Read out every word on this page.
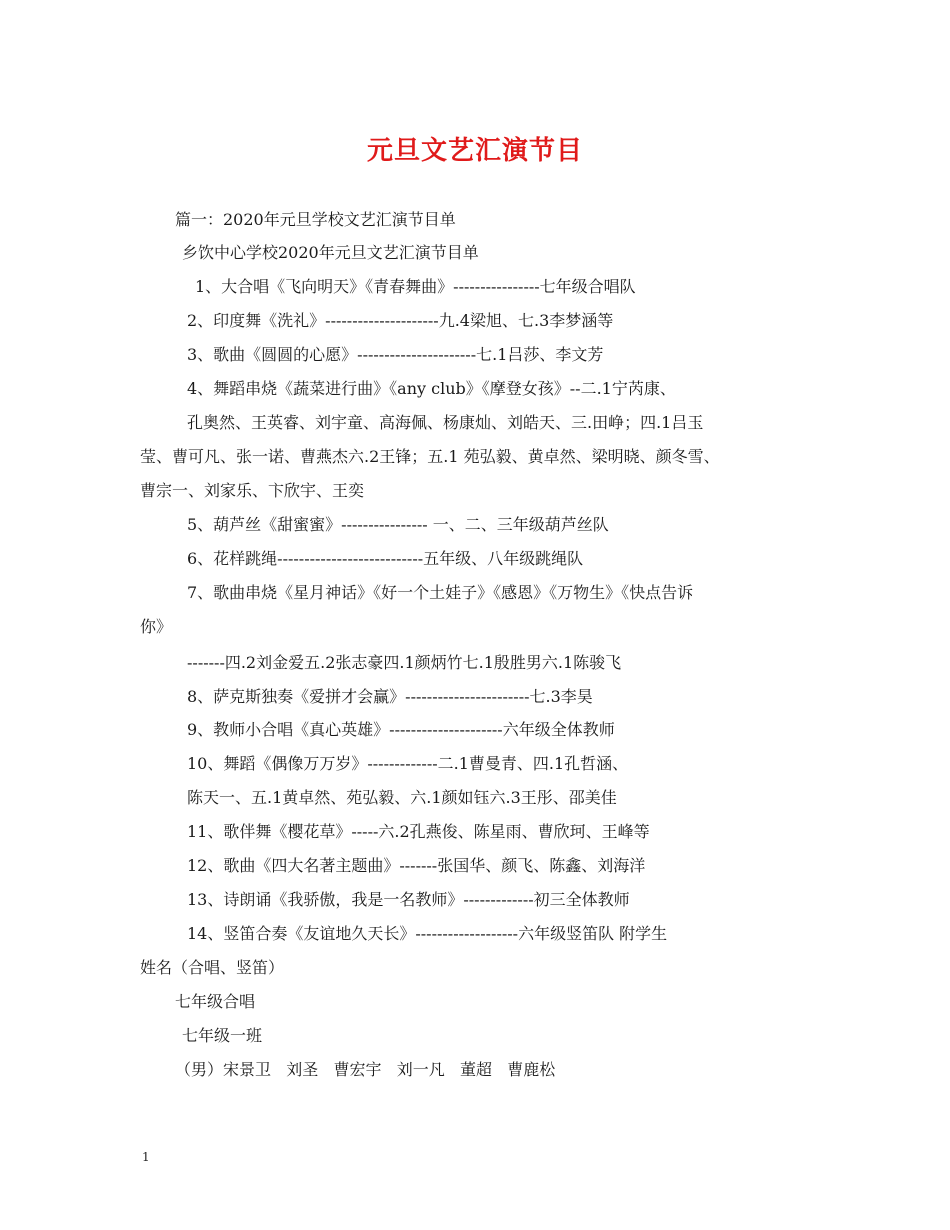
元旦文艺汇演节目
篇一：2020年元旦学校文艺汇演节目单
乡饮中心学校2020年元旦文艺汇演节目单
1、大合唱《飞向明天》《青春舞曲》----------------七年级合唱队
2、印度舞《洗礼》---------------------九.4梁旭、七.3李梦涵等
3、歌曲《圆圆的心愿》----------------------七.1吕莎、李文芳
4、舞蹈串烧《蔬菜进行曲》《any club》《摩登女孩》--二.1宁芮康、
孔奥然、王英睿、刘宇童、高海佩、杨康灿、刘皓天、三.田峥；四.1吕玉
莹、曹可凡、张一诺、曹燕杰六.2王锋；五.1 苑弘毅、黄卓然、梁明晓、颜冬雪、
曹宗一、刘家乐、卞欣宇、王奕
5、葫芦丝《甜蜜蜜》---------------- 一、二、三年级葫芦丝队
6、花样跳绳---------------------------五年级、八年级跳绳队
7、歌曲串烧《星月神话》《好一个土娃子》《感恩》《万物生》《快点告诉
你》
-------四.2刘金爱五.2张志豪四.1颜炳竹七.1殷胜男六.1陈骏飞
8、萨克斯独奏《爱拼才会赢》-----------------------七.3李昊
9、教师小合唱《真心英雄》---------------------六年级全体教师
10、舞蹈《偶像万万岁》-------------二.1曹曼青、四.1孔哲涵、
陈天一、五.1黄卓然、苑弘毅、六.1颜如钰六.3王彤、邵美佳
11、歌伴舞《樱花草》-----六.2孔燕俊、陈星雨、曹欣珂、王峰等
12、歌曲《四大名著主题曲》-------张国华、颜飞、陈鑫、刘海洋
13、诗朗诵《我骄傲，我是一名教师》-------------初三全体教师
14、竖笛合奏《友谊地久天长》-------------------六年级竖笛队 附学生
姓名（合唱、竖笛）
七年级合唱
七年级一班
（男）宋景卫   刘圣   曹宏宇   刘一凡   董超   曹鹿松
1
